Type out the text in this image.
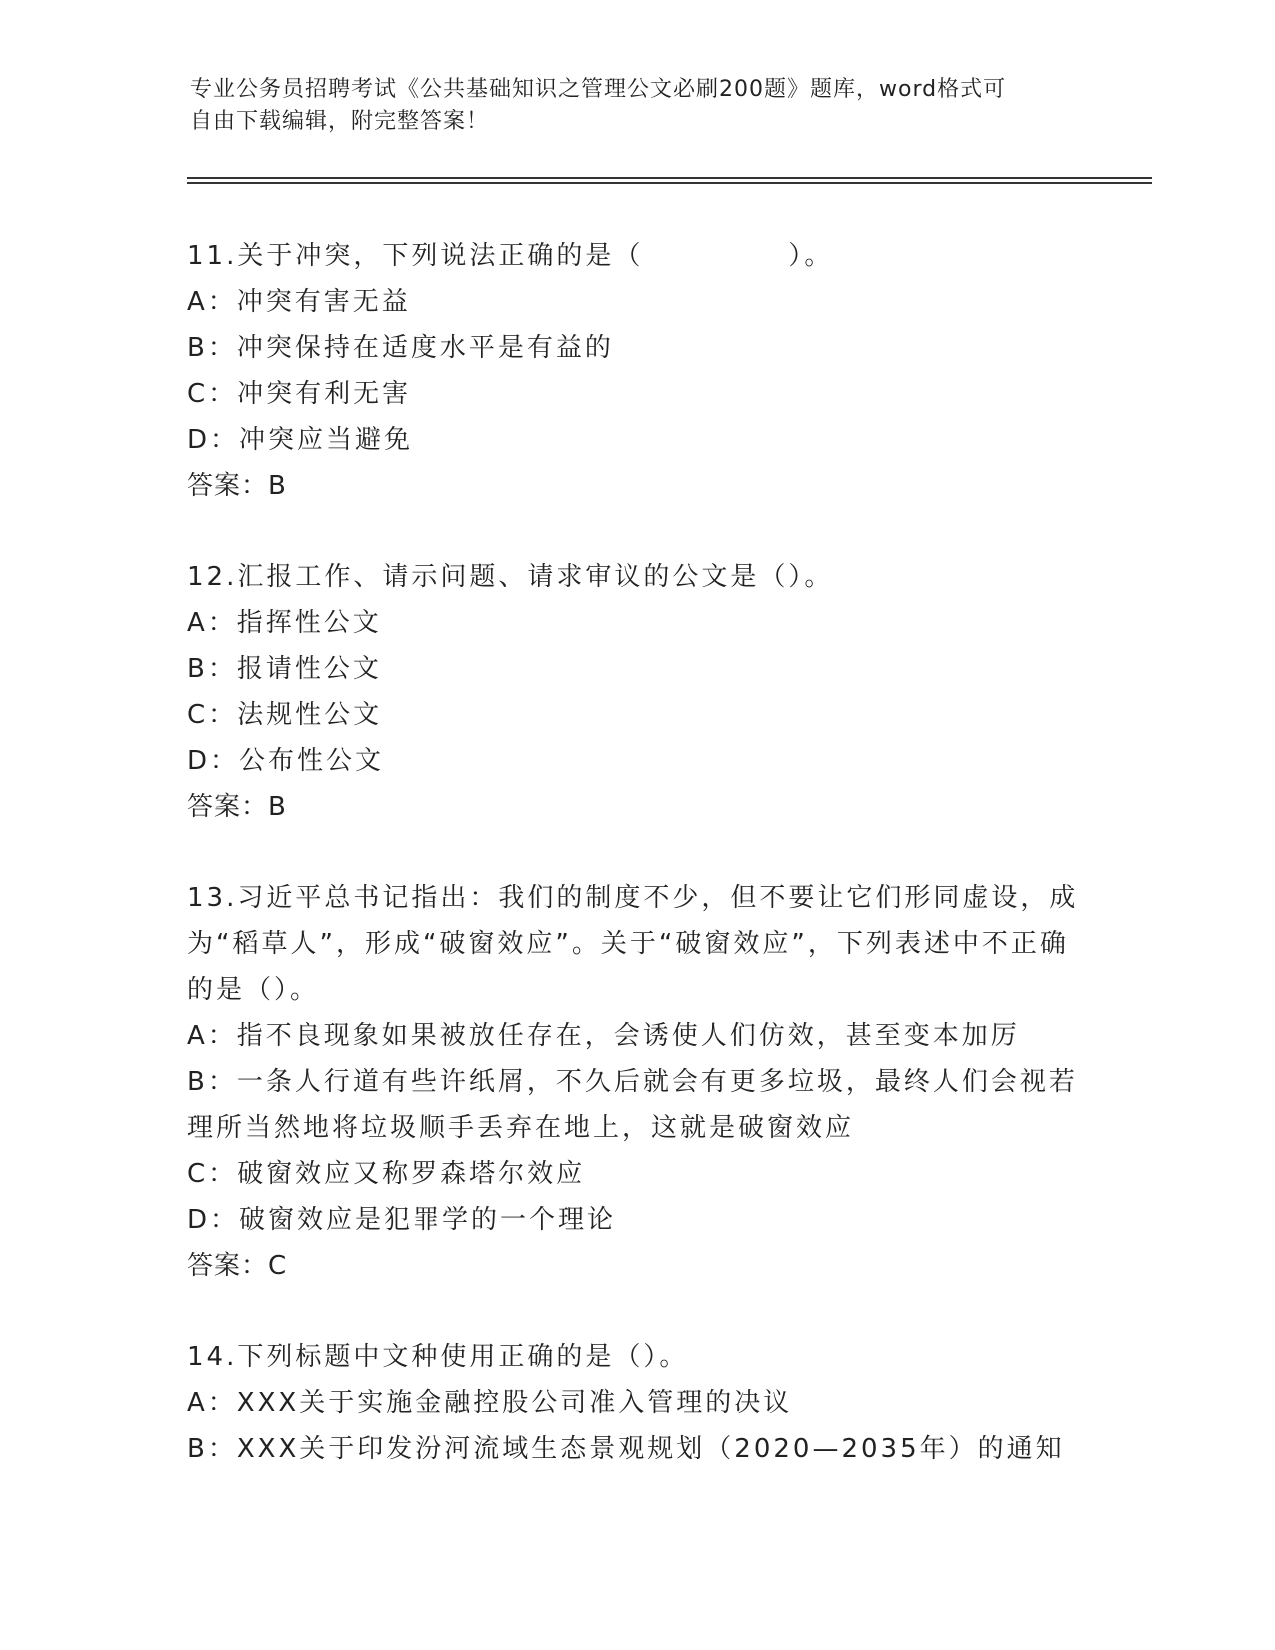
专业公务员招聘考试《公共基础知识之管理公文必刷200题》题库，word格式可
自由下载编辑，附完整答案！

11.关于冲突，下列说法正确的是（　　　　　）。

A：冲突有害无益

B：冲突保持在适度水平是有益的

C：冲突有利无害

D：冲突应当避免

答案：B

12.汇报工作、请示问题、请求审议的公文是（）。

A：指挥性公文

B：报请性公文

C：法规性公文

D：公布性公文

答案：B

13.习近平总书记指出：我们的制度不少，但不要让它们形同虚设，成为“稻草人”，形成“破窗效应”。关于“破窗效应”，下列表述中不正确的是（）。

A：指不良现象如果被放任存在，会诱使人们仿效，甚至变本加厉

B：一条人行道有些许纸屑，不久后就会有更多垃圾，最终人们会视若理所当然地将垃圾顺手丢弃在地上，这就是破窗效应

C：破窗效应又称罗森塔尔效应

D：破窗效应是犯罪学的一个理论

答案：C

14.下列标题中文种使用正确的是（）。

A：XXX关于实施金融控股公司准入管理的决议

B：XXX关于印发汾河流域生态景观规划（2020—2035年）的通知
